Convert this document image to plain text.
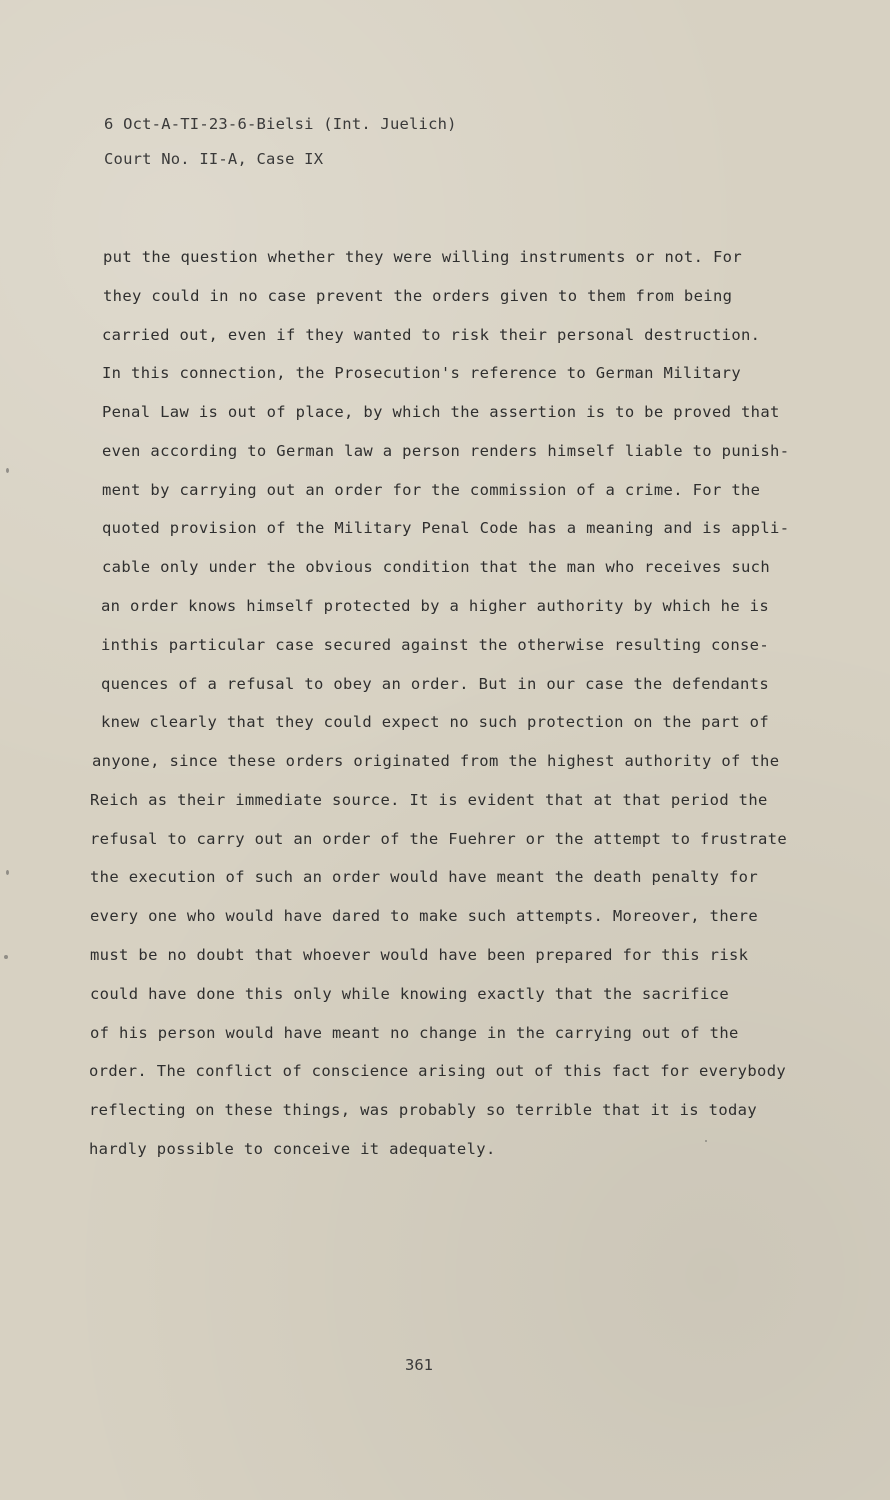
6 Oct-A-TI-23-6-Bielsi (Int. Juelich)
Court No. II-A, Case IX
put the question whether they were willing instruments or not. For
they could in no case prevent the orders given to them from being
carried out, even if they wanted to risk their personal destruction.
In this connection, the Prosecution's reference to German Military
Penal Law is out of place, by which the assertion is to be proved that
even according to German law a person renders himself liable to punish-
ment by carrying out an order for the commission of a crime. For the
quoted provision of the Military Penal Code has a meaning and is appli-
cable only under the obvious condition that the man who receives such
an order knows himself protected by a higher authority by which he is
inthis particular case secured against the otherwise resulting conse-
quences of a refusal to obey an order. But in our case the defendants
knew clearly that they could expect no such protection on the part of
anyone, since these orders originated from the highest authority of the
Reich as their immediate source. It is evident that at that period the
refusal to carry out an order of the Fuehrer or the attempt to frustrate
the execution of such an order would have meant the death penalty for
every one who would have dared to make such attempts. Moreover, there
must be no doubt that whoever would have been prepared for this risk
could have done this only while knowing exactly that the sacrifice
of his person would have meant no change in the carrying out of the
order. The conflict of conscience arising out of this fact for everybody
reflecting on these things, was probably so terrible that it is today
hardly possible to conceive it adequately.
361
